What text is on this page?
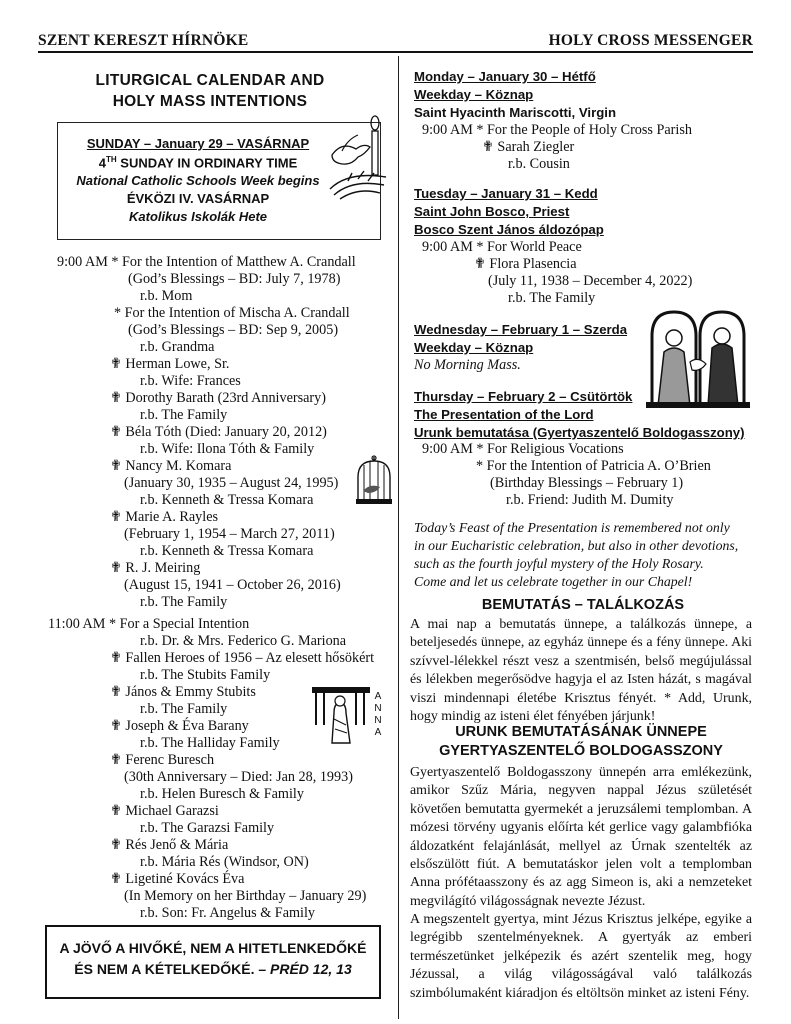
SZENT KERESZT HÍRNÖKE	HOLY CROSS MESSENGER
LITURGICAL CALENDAR AND
HOLY MASS INTENTIONS
SUNDAY – January 29 – VASÁRNAP
4TH SUNDAY IN ORDINARY TIME
National Catholic Schools Week begins
ÉVKÖZI IV. VASÁRNAP
Katolikus Iskolák Hete
9:00 AM * For the Intention of Matthew A. Crandall
(God’s Blessings – BD: July 7, 1978)
r.b. Mom
* For the Intention of Mischa A. Crandall
(God’s Blessings – BD: Sep 9, 2005)
r.b. Grandma
✟ Herman Lowe, Sr.
r.b. Wife: Frances
✟ Dorothy Barath (23rd Anniversary)
r.b. The Family
✟ Béla Tóth (Died: January 20, 2012)
r.b. Wife: Ilona Tóth & Family
✟ Nancy M. Komara
(January 30, 1935 – August 24, 1995)
r.b. Kenneth & Tressa Komara
✟ Marie A. Rayles
(February 1, 1954 – March 27, 2011)
r.b. Kenneth & Tressa Komara
✟ R. J. Meiring
(August 15, 1941 – October 26, 2016)
r.b. The Family
11:00 AM * For a Special Intention
r.b. Dr. & Mrs. Federico G. Mariona
✟ Fallen Heroes of 1956 – Az elesett hősökért
r.b. The Stubits Family
✟ János & Emmy Stubits
r.b. The Family
✟ Joseph & Éva Barany
r.b. The Halliday Family
✟ Ferenc Buresch
(30th Anniversary – Died: Jan 28, 1993)
r.b. Helen Buresch & Family
✟ Michael Garazsi
r.b. The Garazsi Family
✟ Rés Jenő & Mária
r.b. Mária Rés (Windsor, ON)
✟ Ligetiné Kovács Éva
(In Memory on her Birthday – January 29)
r.b. Son: Fr. Angelus & Family
A
N
N
A
A JÖVŐ A HIVŐKÉ, NEM A HITETLENKEDŐKÉ
ÉS NEM A KÉTELKEDŐKÉ. – PRÉD 12, 13
Monday – January 30 – Hétfő
Weekday – Köznap
Saint Hyacinth Mariscotti, Virgin
9:00 AM * For the People of Holy Cross Parish
✟ Sarah Ziegler
r.b. Cousin
Tuesday – January 31 – Kedd
Saint John Bosco, Priest
Bosco Szent János áldozópap
9:00 AM * For World Peace
✟ Flora Plasencia
(July 11, 1938 – December 4, 2022)
r.b. The Family
Wednesday – February 1 – Szerda
Weekday – Köznap
No Morning Mass.
Thursday – February 2 – Csütörtök
The Presentation of the Lord
Urunk bemutatása (Gyertyaszentelő Boldogasszony)
9:00 AM * For Religious Vocations
* For the Intention of Patricia A. O’Brien
(Birthday Blessings – February 1)
r.b. Friend: Judith M. Dumity
Today’s Feast of the Presentation is remembered not only
in our Eucharistic celebration, but also in other devotions,
such as the fourth joyful mystery of the Holy Rosary.
Come and let us celebrate together in our Chapel!
BEMUTATÁS – TALÁLKOZÁS
A mai nap a bemutatás ünnepe, a találkozás ünnepe, a beteljesedés ünnepe, az egyház ünnepe és a fény ünnepe. Aki szívvel-lélekkel részt vesz a szentmisén, belső megújulással és lélekben megerősödve hagyja el az Isten házát, s magával viszi mindennapi életébe Krisztus fényét. * Add, Urunk, hogy mindig az isteni élet fényében járjunk!
URUNK BEMUTATÁSÁNAK ÜNNEPE
GYERTYASZENTELŐ BOLDOGASSZONY
Gyertyaszentelő Boldogasszony ünnepén arra emlékezünk, amikor Szűz Mária, negyven nappal Jézus születését követően bemutatta gyermekét a jeruzsálemi templomban. A mózesi törvény ugyanis előírta két gerlice vagy galambfióka áldozatként felajánlását, mellyel az Úrnak szentelték az elsőszülött fiút. A bemutatáskor jelen volt a templomban Anna prófétaasszony és az agg Simeon is, aki a nemzeteket megvilágító világosságnak nevezte Jézust.
A megszentelt gyertya, mint Jézus Krisztus jelképe, egyike a legrégibb szentelményeknek. A gyertyák az emberi természetünket jelképezik és azért szentelik meg, hogy Jézussal, a világ világosságával való találkozás szimbólumaként kiáradjon és eltöltsön minket az isteni Fény.
